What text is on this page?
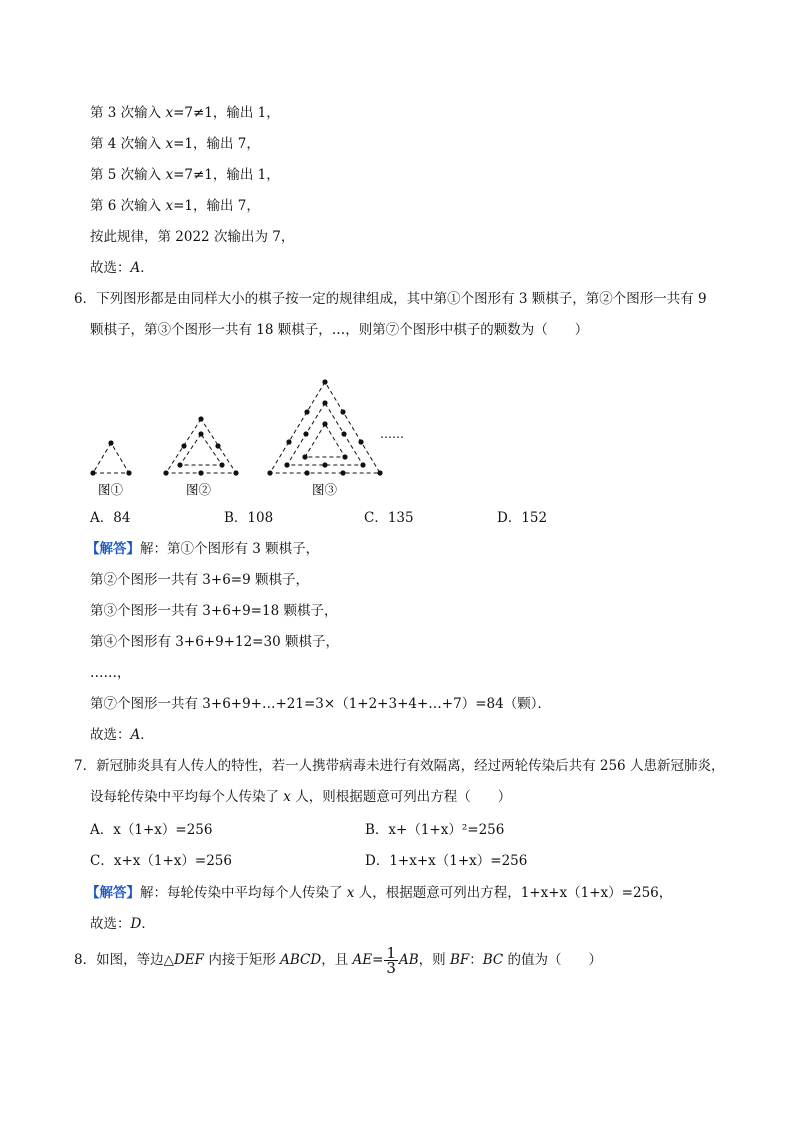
第 3 次输入 x=7≠1，输出 1，
第 4 次输入 x=1，输出 7，
第 5 次输入 x=7≠1，输出 1，
第 6 次输入 x=1，输出 7，
按此规律，第 2022 次输出为 7，
故选：A．
6．下列图形都是由同样大小的棋子按一定的规律组成，其中第①个图形有 3 颗棋子，第②个图形一共有 9
颗棋子，第③个图形一共有 18 颗棋子，…，则第⑦个图形中棋子的颗数为（　　）
图①	图②	图③
……
A．84	B．108	C．135	D．152
【解答】解：第①个图形有 3 颗棋子，
第②个图形一共有 3+6=9 颗棋子，
第③个图形一共有 3+6+9=18 颗棋子，
第④个图形有 3+6+9+12=30 颗棋子，
……，
第⑦个图形一共有 3+6+9+…+21=3×（1+2+3+4+…+7）=84（颗）．
故选：A．
7．新冠肺炎具有人传人的特性，若一人携带病毒未进行有效隔离，经过两轮传染后共有 256 人患新冠肺炎，
设每轮传染中平均每个人传染了 x 人，则根据题意可列出方程（　　）
A．x（1+x）=256	B．x+（1+x）²=256
C．x+x（1+x）=256	D．1+x+x（1+x）=256
【解答】解：每轮传染中平均每个人传染了 x 人，根据题意可列出方程，1+x+x（1+x）=256，
故选：D．
8．如图，等边△DEF 内接于矩形 ABCD，且 $AE= \frac{1}{3}$ AB，则 BF：BC 的值为（　　）
